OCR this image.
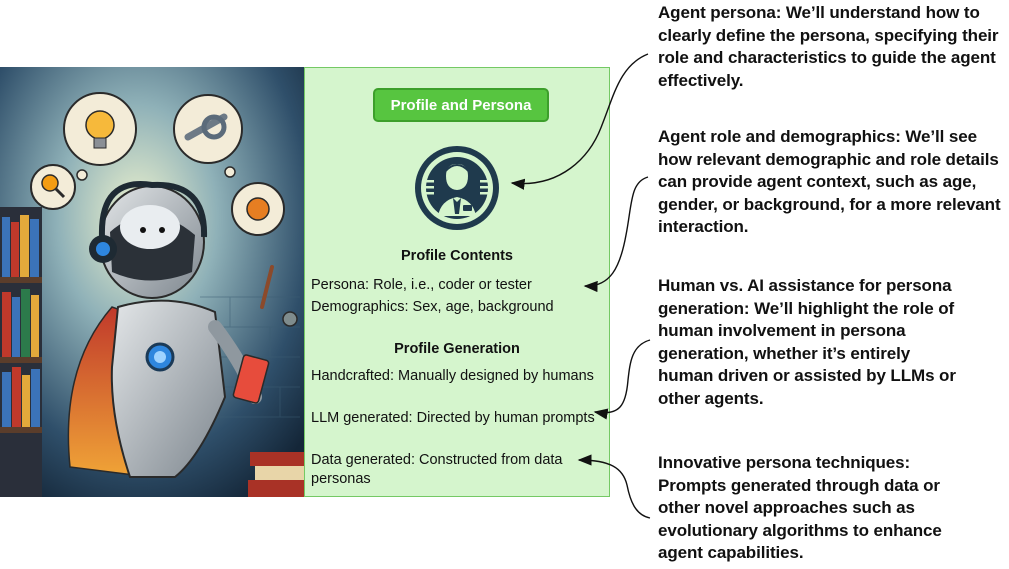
Profile and Persona
Profile Contents
Persona: Role, i.e., coder or tester
Demographics: Sex, age, background
Profile Generation
Handcrafted: Manually designed by humans
LLM generated: Directed by human prompts
Data generated: Constructed from data personas
Agent persona: We’ll understand how to clearly define the persona, specifying their role and characteristics to guide the agent effectively.
Agent role and demographics: We’ll see how relevant demographic and role details can provide agent context, such as age, gender, or background, for a more relevant interaction.
Human vs. AI assistance for persona generation: We’ll highlight the role of human involvement in persona generation, whether it’s entirely human driven or assisted by LLMs or other agents.
Innovative persona techniques: Prompts generated through data or other novel approaches such as evolutionary algorithms to enhance agent capabilities.
